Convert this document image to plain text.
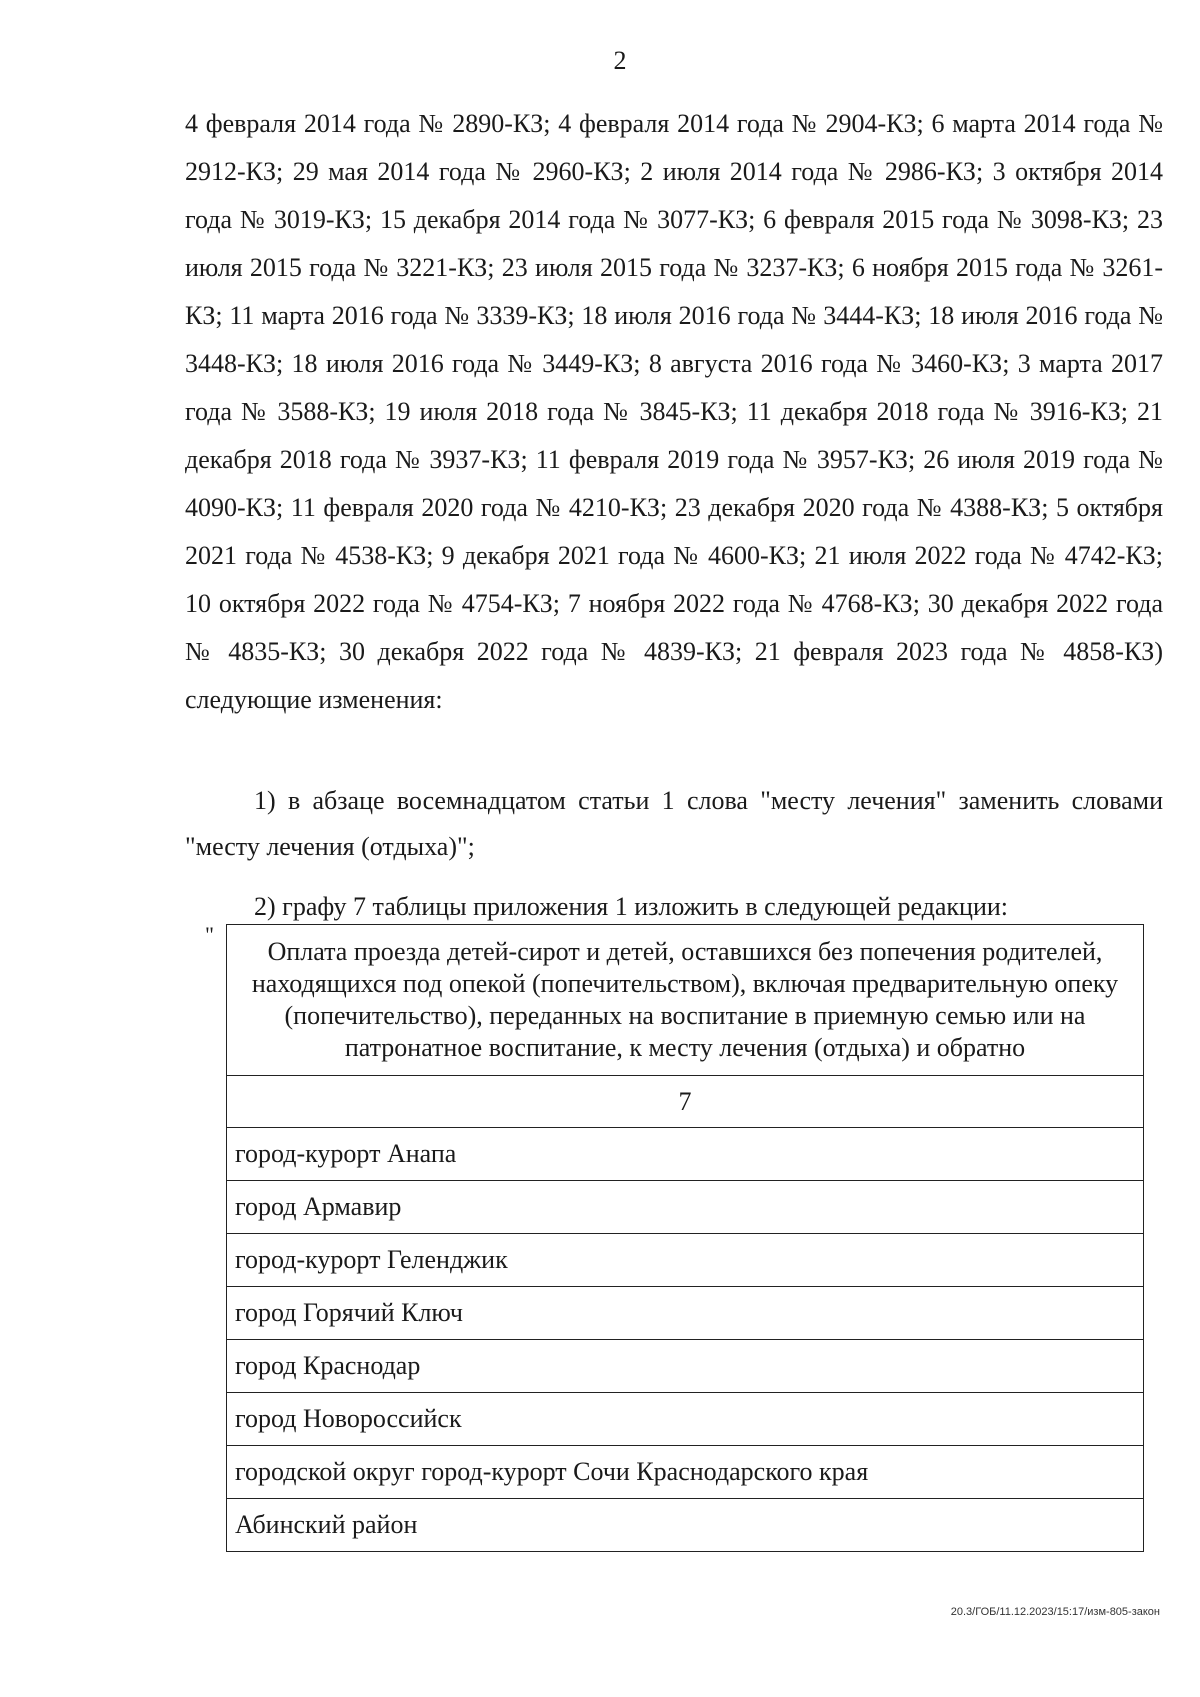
2
4 февраля 2014 года № 2890-КЗ; 4 февраля 2014 года № 2904-КЗ; 6 марта 2014 года № 2912-КЗ; 29 мая 2014 года № 2960-КЗ; 2 июля 2014 года № 2986-КЗ; 3 октября 2014 года № 3019-КЗ; 15 декабря 2014 года № 3077-КЗ; 6 февраля 2015 года № 3098-КЗ; 23 июля 2015 года № 3221-КЗ; 23 июля 2015 года № 3237-КЗ; 6 ноября 2015 года № 3261-КЗ; 11 марта 2016 года № 3339-КЗ; 18 июля 2016 года № 3444-КЗ; 18 июля 2016 года № 3448-КЗ; 18 июля 2016 года № 3449-КЗ; 8 августа 2016 года № 3460-КЗ; 3 марта 2017 года № 3588-КЗ; 19 июля 2018 года № 3845-КЗ; 11 декабря 2018 года № 3916-КЗ; 21 декабря 2018 года № 3937-КЗ; 11 февраля 2019 года № 3957-КЗ; 26 июля 2019 года № 4090-КЗ; 11 февраля 2020 года № 4210-КЗ; 23 декабря 2020 года № 4388-КЗ; 5 октября 2021 года № 4538-КЗ; 9 декабря 2021 года № 4600-КЗ; 21 июля 2022 года № 4742-КЗ; 10 октября 2022 года № 4754-КЗ; 7 ноября 2022 года № 4768-КЗ; 30 декабря 2022 года № 4835-КЗ; 30 декабря 2022 года № 4839-КЗ; 21 февраля 2023 года № 4858-КЗ) следующие изменения:
1) в абзаце восемнадцатом статьи 1 слова "месту лечения" заменить словами "месту лечения (отдыха)";
2) графу 7 таблицы приложения 1 изложить в следующей редакции:
"
Оплата проезда детей-сирот и детей, оставшихся без попечения родителей, находящихся под опекой (попечительством), включая предварительную опеку (попечительство), переданных на воспитание в приемную семью или на патронатное воспитание, к месту лечения (отдыха) и обратно
7
город-курорт Анапа
город Армавир
город-курорт Геленджик
город Горячий Ключ
город Краснодар
город Новороссийск
городской округ город-курорт Сочи Краснодарского края
Абинский район
20.3/ГОБ/11.12.2023/15:17/изм-805-закон
